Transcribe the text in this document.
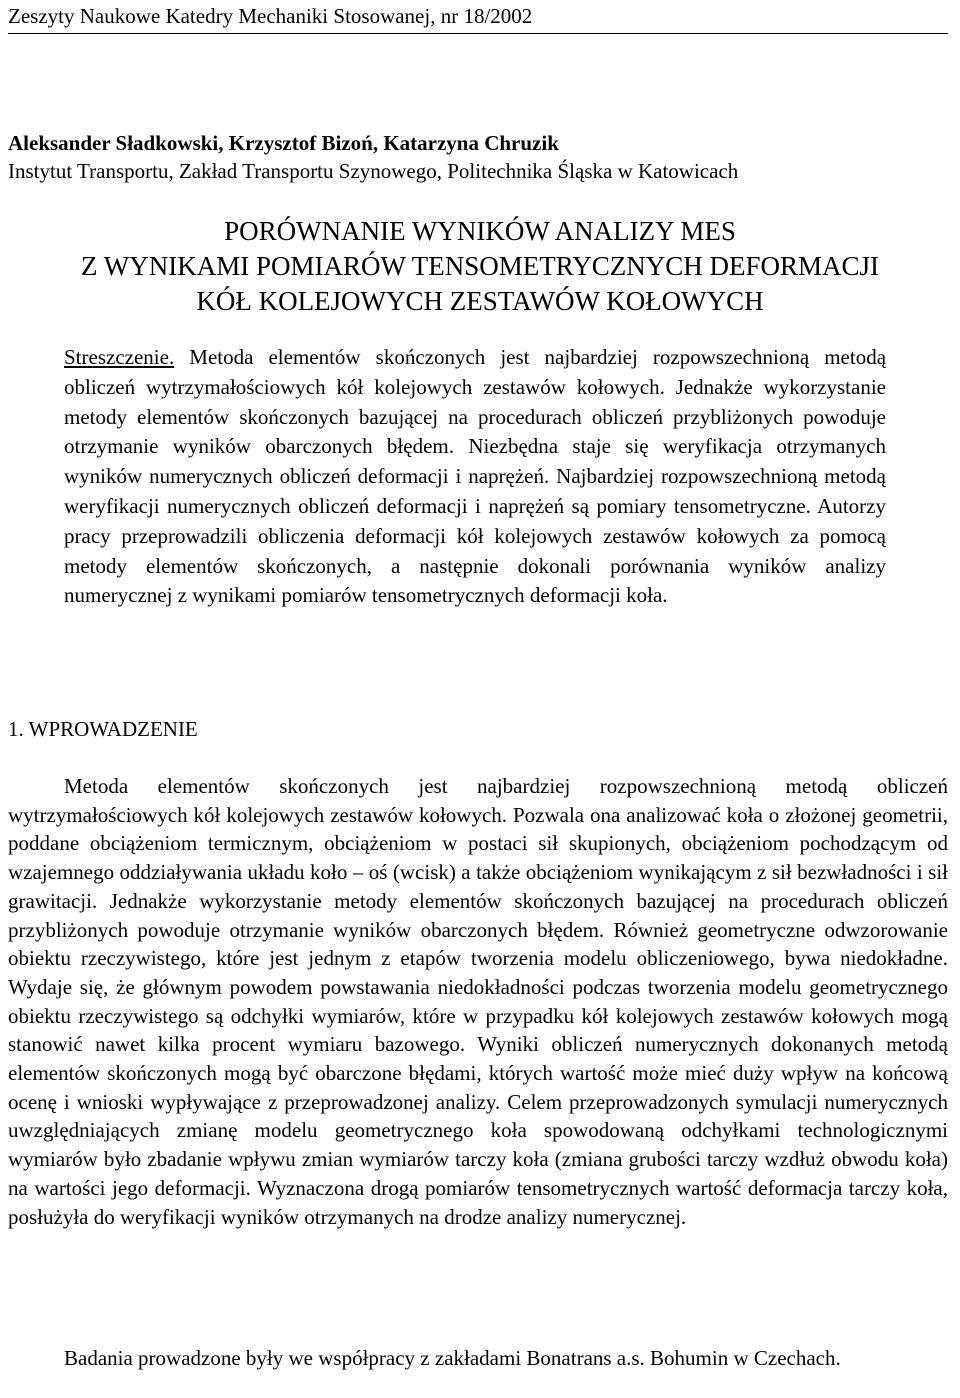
Zeszyty Naukowe Katedry Mechaniki Stosowanej, nr 18/2002
Aleksander Sładkowski, Krzysztof Bizoń, Katarzyna Chruzik
Instytut Transportu, Zakład Transportu Szynowego, Politechnika Śląska w Katowicach
PORÓWNANIE WYNIKÓW ANALIZY MES
Z WYNIKAMI POMIARÓW TENSOMETRYCZNYCH DEFORMACJI
KÓŁ KOLEJOWYCH ZESTAWÓW KOŁOWYCH

Streszczenie. Metoda elementów skończonych jest najbardziej rozpowszechnioną metodą obliczeń wytrzymałościowych kół kolejowych zestawów kołowych. Jednakże wykorzystanie metody elementów skończonych bazującej na procedurach obliczeń przybliżonych powoduje otrzymanie wyników obarczonych błędem. Niezbędna staje się weryfikacja otrzymanych wyników numerycznych obliczeń deformacji i naprężeń. Najbardziej rozpowszechnioną metodą weryfikacji numerycznych obliczeń deformacji i naprężeń są pomiary tensometryczne. Autorzy pracy przeprowadzili obliczenia deformacji kół kolejowych zestawów kołowych za pomocą metody elementów skończonych, a następnie dokonali porównania wyników analizy numerycznej z wynikami pomiarów tensometrycznych deformacji koła.

1. WPROWADZENIE

Metoda elementów skończonych jest najbardziej rozpowszechnioną metodą obliczeń wytrzymałościowych kół kolejowych zestawów kołowych. Pozwala ona analizować koła o złożonej geometrii, poddane obciążeniom termicznym, obciążeniom w postaci sił skupionych, obciążeniom pochodzącym od wzajemnego oddziaływania układu koło – oś (wcisk) a także obciążeniom wynikającym z sił bezwładności i sił grawitacji. Jednakże wykorzystanie metody elementów skończonych bazującej na procedurach obliczeń przybliżonych powoduje otrzymanie wyników obarczonych błędem. Również geometryczne odwzorowanie obiektu rzeczywistego, które jest jednym z etapów tworzenia modelu obliczeniowego, bywa niedokładne. Wydaje się, że głównym powodem powstawania niedokładności podczas tworzenia modelu geometrycznego obiektu rzeczywistego są odchyłki wymiarów, które w przypadku kół kolejowych zestawów kołowych mogą stanowić nawet kilka procent wymiaru bazowego. Wyniki obliczeń numerycznych dokonanych metodą elementów skończonych mogą być obarczone błędami, których wartość może mieć duży wpływ na końcową ocenę i wnioski wypływające z przeprowadzonej analizy. Celem przeprowadzonych symulacji numerycznych uwzględniających zmianę modelu geometrycznego koła spowodowaną odchyłkami technologicznymi wymiarów było zbadanie wpływu zmian wymiarów tarczy koła (zmiana grubości tarczy wzdłuż obwodu koła) na wartości jego deformacji. Wyznaczona drogą pomiarów tensometrycznych wartość deformacja tarczy koła, posłużyła do weryfikacji wyników otrzymanych na drodze analizy numerycznej.

Badania prowadzone były we współpracy z zakładami Bonatrans a.s. Bohumin w Czechach.
